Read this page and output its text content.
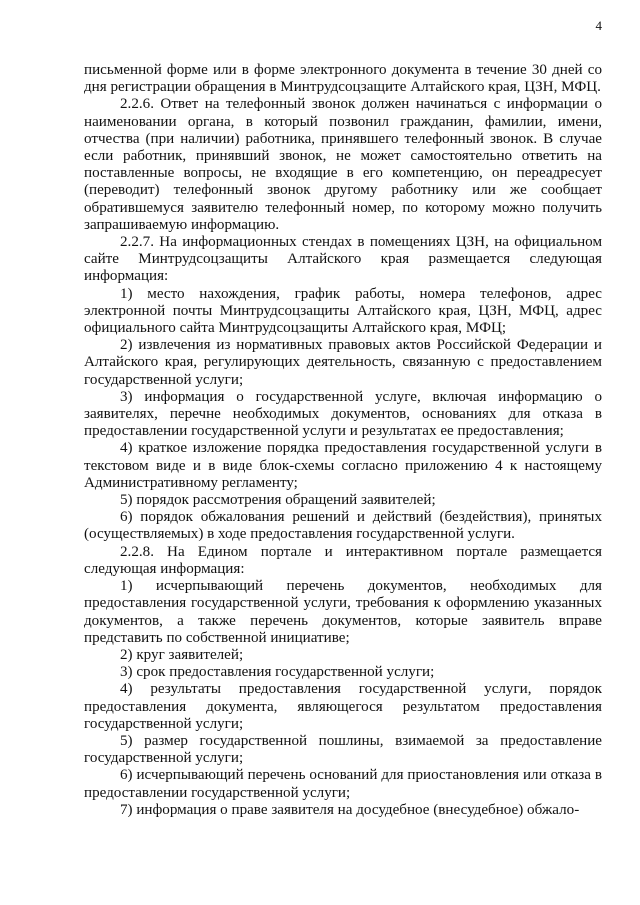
4

письменной форме или в форме электронного документа в течение 30 дней со дня регистрации обращения в Минтрудсоцзащите Алтайского края, ЦЗН, МФЦ.

2.2.6. Ответ на телефонный звонок должен начинаться с информации о наименовании органа, в который позвонил гражданин, фамилии, имени, отчества (при наличии) работника, принявшего телефонный звонок. В случае если работник, принявший звонок, не может самостоятельно ответить на поставленные вопросы, не входящие в его компетенцию, он переадресует (переводит) телефонный звонок другому работнику или же сообщает обратившемуся заявителю телефонный номер, по которому можно получить запрашиваемую информацию.

2.2.7. На информационных стендах в помещениях ЦЗН, на официальном сайте Минтрудсоцзащиты Алтайского края размещается следующая информация:

1) место нахождения, график работы, номера телефонов, адрес электронной почты Минтрудсоцзащиты Алтайского края, ЦЗН, МФЦ, адрес официального сайта Минтрудсоцзащиты Алтайского края, МФЦ;

2) извлечения из нормативных правовых актов Российской Федерации и Алтайского края, регулирующих деятельность, связанную с предоставлением государственной услуги;

3) информация о государственной услуге, включая информацию о заявителях, перечне необходимых документов, основаниях для отказа в предоставлении государственной услуги и результатах ее предоставления;

4) краткое изложение порядка предоставления государственной услуги в текстовом виде и в виде блок-схемы согласно приложению 4 к настоящему Административному регламенту;

5) порядок рассмотрения обращений заявителей;

6) порядок обжалования решений и действий (бездействия), принятых (осуществляемых) в ходе предоставления государственной услуги.

2.2.8. На Едином портале и интерактивном портале размещается следующая информация:

1) исчерпывающий перечень документов, необходимых для предоставления государственной услуги, требования к оформлению указанных документов, а также перечень документов, которые заявитель вправе представить по собственной инициативе;

2) круг заявителей;

3) срок предоставления государственной услуги;

4) результаты предоставления государственной услуги, порядок предоставления документа, являющегося результатом предоставления государственной услуги;

5) размер государственной пошлины, взимаемой за предоставление государственной услуги;

6) исчерпывающий перечень оснований для приостановления или отказа в предоставлении государственной услуги;

7) информация о праве заявителя на досудебное (внесудебное) обжало-
